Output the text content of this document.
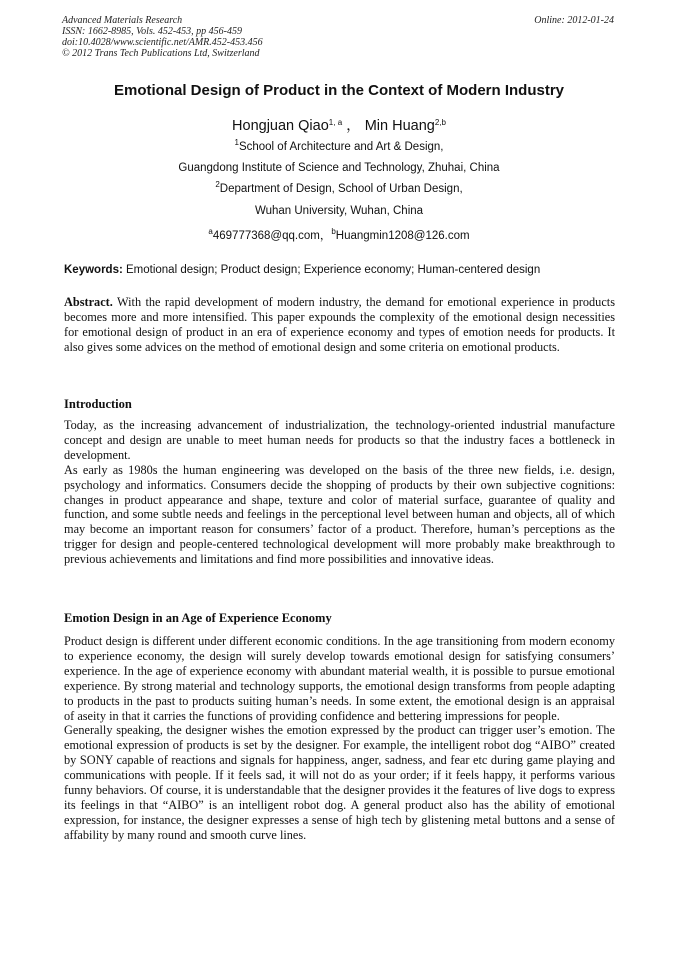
Advanced Materials Research
ISSN: 1662-8985, Vols. 452-453, pp 456-459
doi:10.4028/www.scientific.net/AMR.452-453.456
© 2012 Trans Tech Publications Ltd, Switzerland
Online: 2012-01-24
Emotional Design of Product in the Context of Modern Industry
Hongjuan Qiao$^{1, a}$ ， Min Huang$^{2,b}$
$^1$School of Architecture and Art & Design,
Guangdong Institute of Science and Technology, Zhuhai, China
$^2$Department of Design, School of Urban Design,
Wuhan University, Wuhan, China
$^a$469777368@qq.com，$^b$Huangmin1208@126.com
Keywords: Emotional design; Product design; Experience economy; Human-centered design

Abstract. With the rapid development of modern industry, the demand for emotional experience in products becomes more and more intensified. This paper expounds the complexity of the emotional design necessities for emotional design of product in an era of experience economy and types of emotion needs for products. It also gives some advices on the method of emotional design and some criteria on emotional products.

Introduction

Today, as the increasing advancement of industrialization, the technology-oriented industrial manufacture concept and design are unable to meet human needs for products so that the industry faces a bottleneck in development.

As early as 1980s the human engineering was developed on the basis of the three new fields, i.e. design, psychology and informatics. Consumers decide the shopping of products by their own subjective cognitions: changes in product appearance and shape, texture and color of material surface, guarantee of quality and function, and some subtle needs and feelings in the perceptional level between human and objects, all of which may become an important reason for consumers’ factor of a product. Therefore, human’s perceptions as the trigger for design and people-centered technological development will more probably make breakthrough to previous achievements and limitations and find more possibilities and innovative ideas.

Emotion Design in an Age of Experience Economy

Product design is different under different economic conditions. In the age transitioning from modern economy to experience economy, the design will surely develop towards emotional design for satisfying consumers’ experience. In the age of experience economy with abundant material wealth, it is possible to pursue emotional experience. By strong material and technology supports, the emotional design transforms from people adapting to products in the past to products suiting human’s needs. In some extent, the emotional design is an appraisal of aseity in that it carries the functions of providing confidence and bettering impressions for people.

Generally speaking, the designer wishes the emotion expressed by the product can trigger user’s emotion. The emotional expression of products is set by the designer. For example, the intelligent robot dog “AIBO” created by SONY capable of reactions and signals for happiness, anger, sadness, and fear etc during game playing and communications with people. If it feels sad, it will not do as your order; if it feels happy, it performs various funny behaviors. Of course, it is understandable that the designer provides it the features of live dogs to express its feelings in that “AIBO” is an intelligent robot dog. A general product also has the ability of emotional expression, for instance, the designer expresses a sense of high tech by glistening metal buttons and a sense of affability by many round and smooth curve lines.
